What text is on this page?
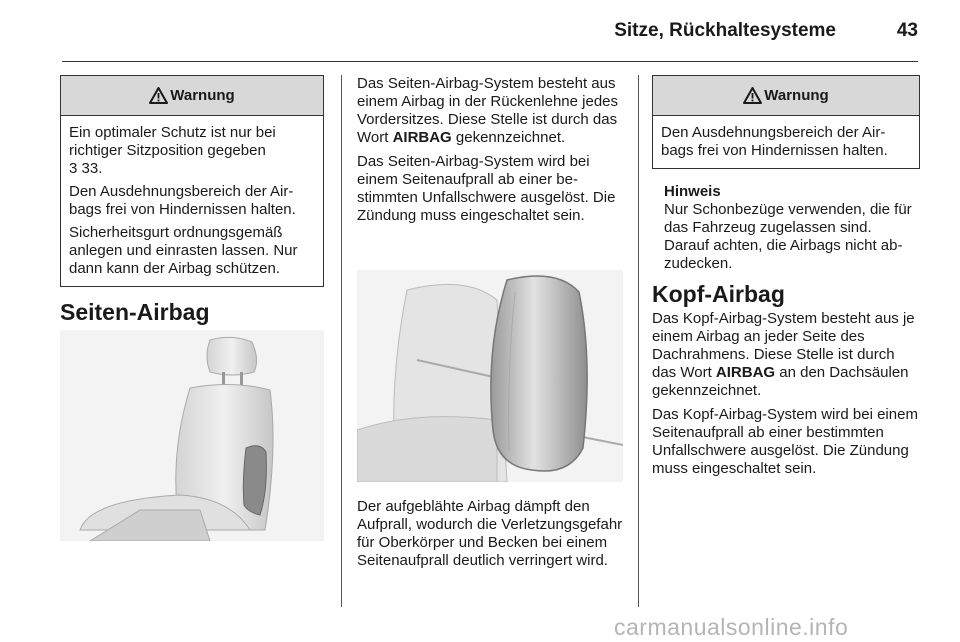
Sitze, Rückhaltesysteme	43
Warnung

Ein optimaler Schutz ist nur bei richtiger Sitzposition gegeben
3 33.

Den Ausdehnungsbereich der Airbags frei von Hindernissen halten.

Sicherheitsgurt ordnungsgemäß anlegen und einrasten lassen. Nur dann kann der Airbag schützen.

Seiten-Airbag

Das Seiten-Airbag-System besteht aus einem Airbag in der Rückenlehne jedes Vordersitzes. Diese Stelle ist durch das Wort AIRBAG gekennzeichnet.

Das Seiten-Airbag-System wird bei einem Seitenaufprall ab einer bestimmten Unfallschwere ausgelöst. Die Zündung muss eingeschaltet sein.

Der aufgeblähte Airbag dämpft den Aufprall, wodurch die Verletzungsgefahr für Oberkörper und Becken bei einem Seitenaufprall deutlich verringert wird.

Warnung

Den Ausdehnungsbereich der Airbags frei von Hindernissen halten.

Hinweis

Nur Schonbezüge verwenden, die für das Fahrzeug zugelassen sind. Darauf achten, die Airbags nicht abzudecken.

Kopf-Airbag

Das Kopf-Airbag-System besteht aus je einem Airbag an jeder Seite des Dachrahmens. Diese Stelle ist durch das Wort AIRBAG an den Dachsäulen gekennzeichnet.

Das Kopf-Airbag-System wird bei einem Seitenaufprall ab einer bestimmten Unfallschwere ausgelöst. Die Zündung muss eingeschaltet sein.

carmanualsonline.info
